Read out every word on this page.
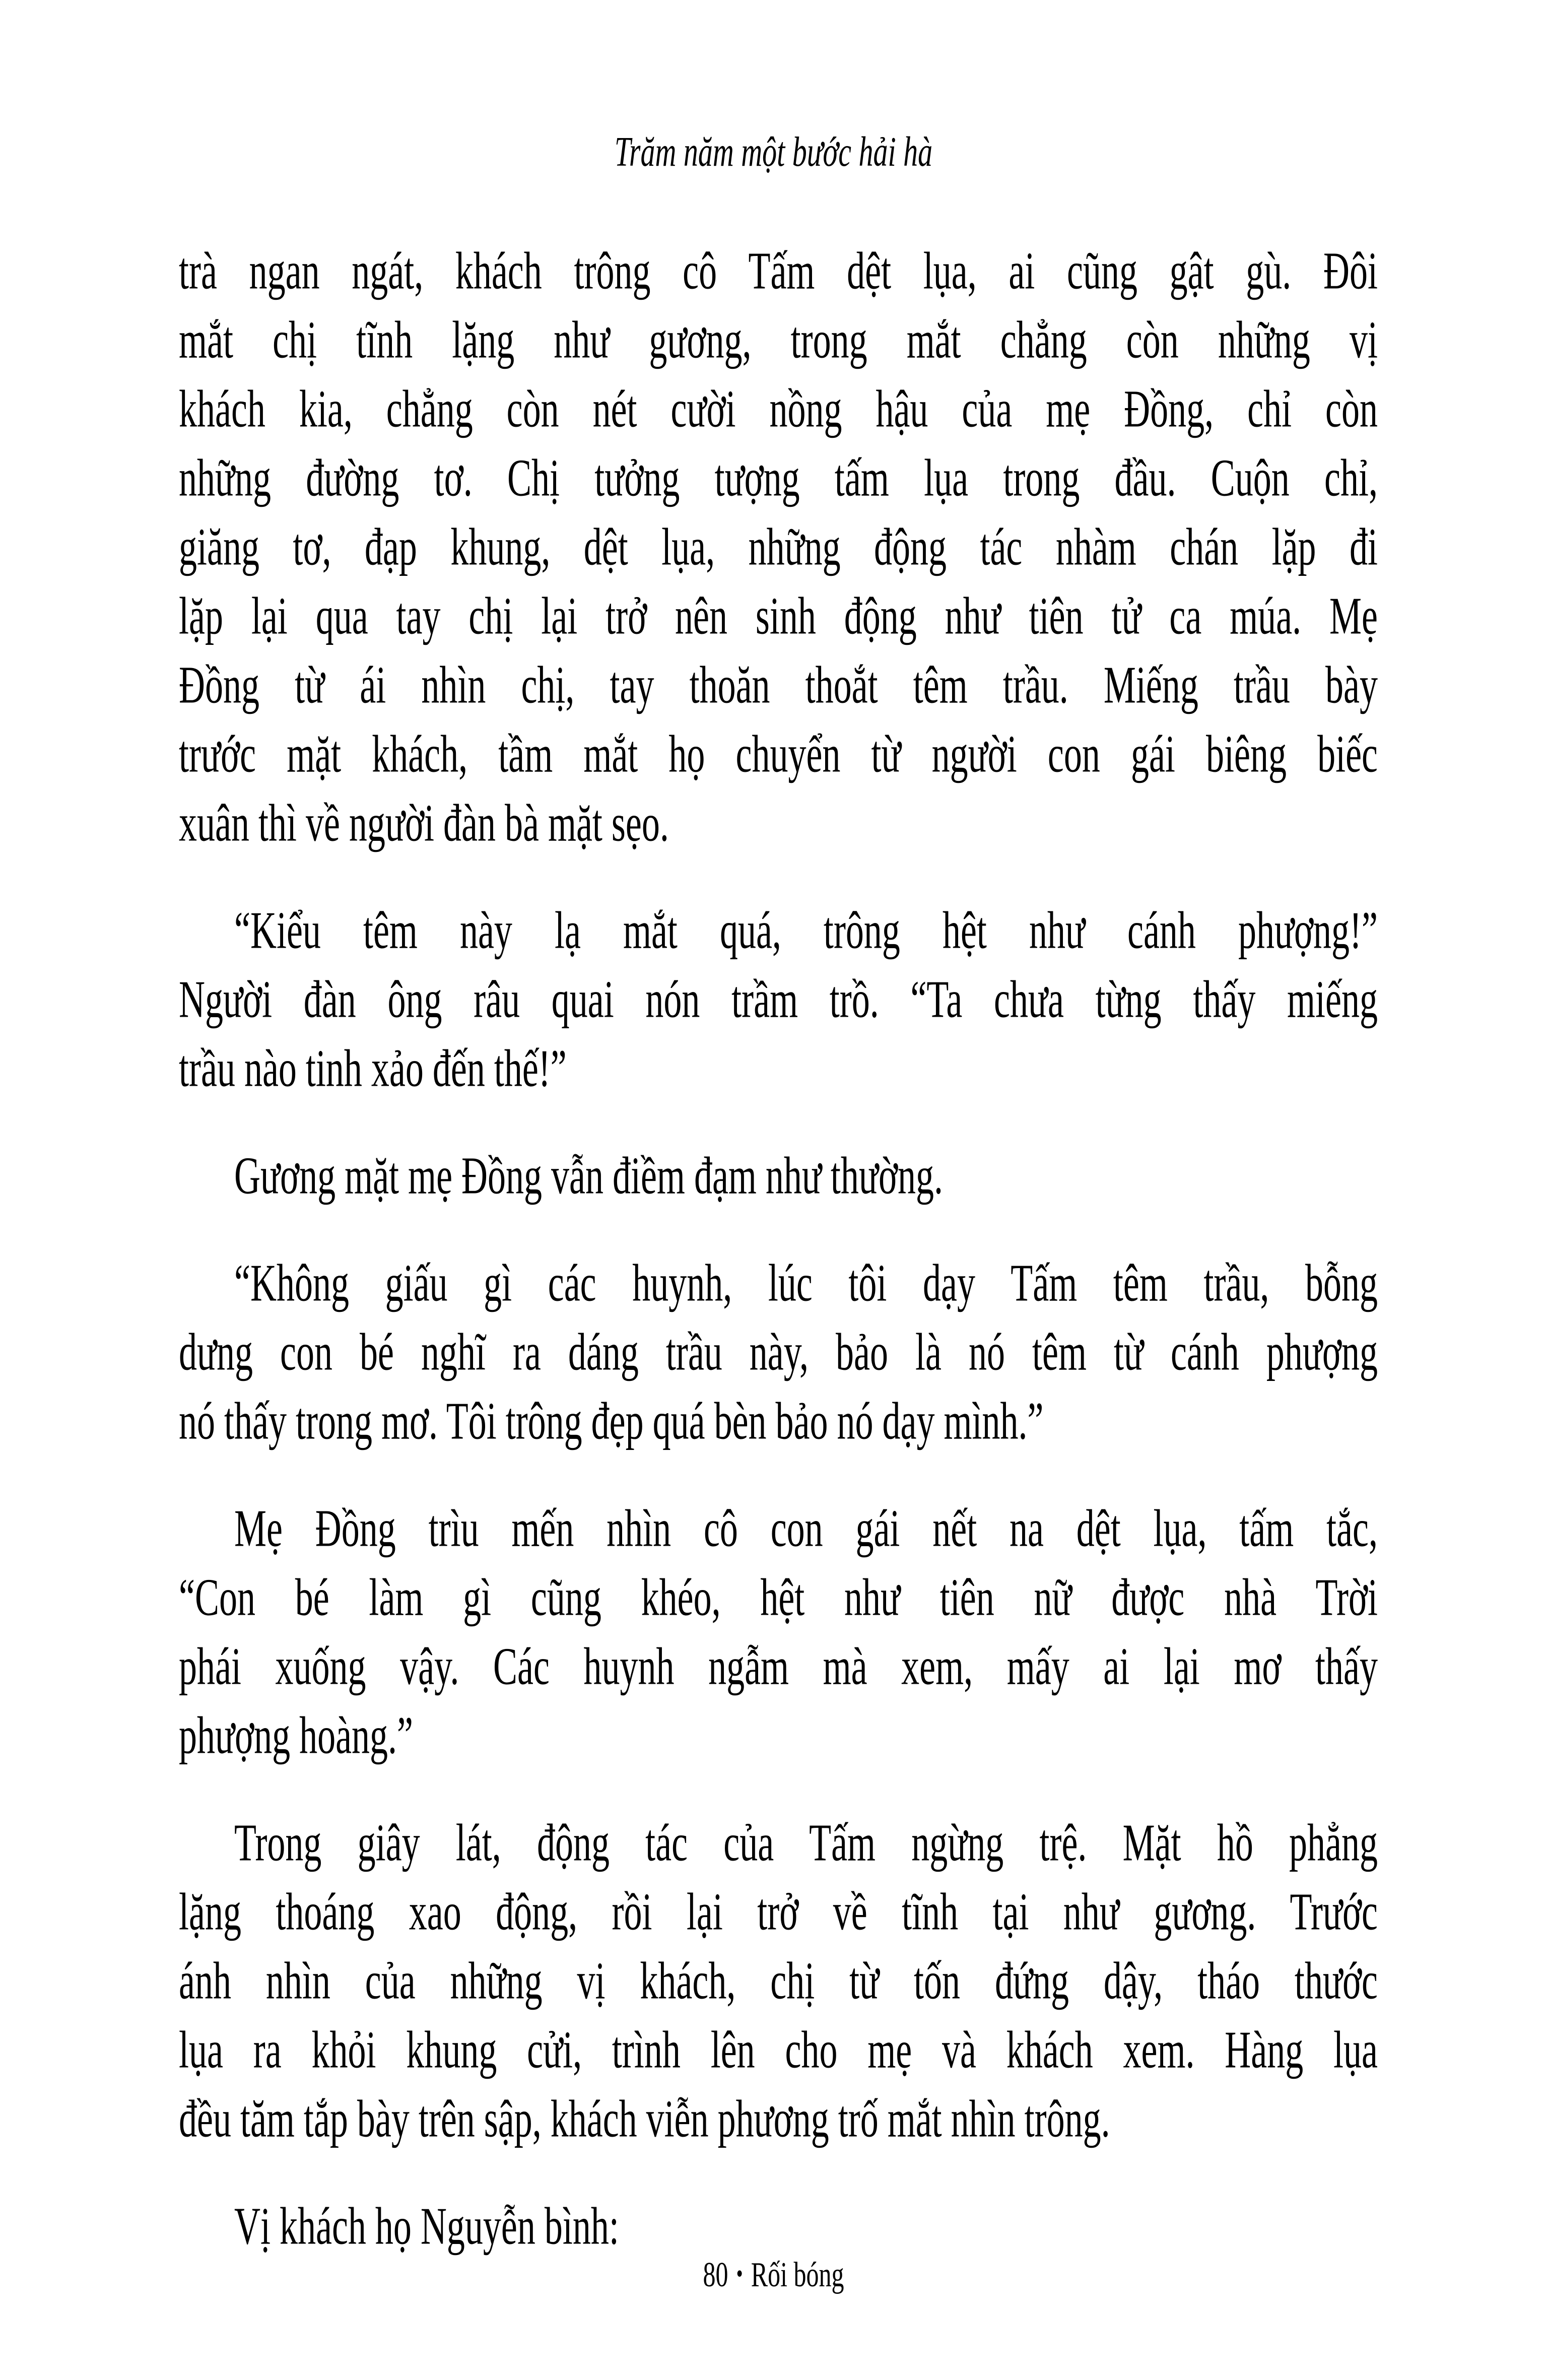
Trăm năm một bước hải hà

trà ngan ngát, khách trông cô Tấm dệt lụa, ai cũng gật gù. Đôi
mắt chị tĩnh lặng như gương, trong mắt chẳng còn những vị
khách kia, chẳng còn nét cười nồng hậu của mẹ Đồng, chỉ còn
những đường tơ. Chị tưởng tượng tấm lụa trong đầu. Cuộn chỉ,
giăng tơ, đạp khung, dệt lụa, những động tác nhàm chán lặp đi
lặp lại qua tay chị lại trở nên sinh động như tiên tử ca múa. Mẹ
Đồng từ ái nhìn chị, tay thoăn thoắt têm trầu. Miếng trầu bày
trước mặt khách, tầm mắt họ chuyển từ người con gái biêng biếc
xuân thì về người đàn bà mặt sẹo.

“Kiểu têm này lạ mắt quá, trông hệt như cánh phượng!”
Người đàn ông râu quai nón trầm trồ. “Ta chưa từng thấy miếng
trầu nào tinh xảo đến thế!”

Gương mặt mẹ Đồng vẫn điềm đạm như thường.

“Không giấu gì các huynh, lúc tôi dạy Tấm têm trầu, bỗng
dưng con bé nghĩ ra dáng trầu này, bảo là nó têm từ cánh phượng
nó thấy trong mơ. Tôi trông đẹp quá bèn bảo nó dạy mình.”

Mẹ Đồng trìu mến nhìn cô con gái nết na dệt lụa, tấm tắc,
“Con bé làm gì cũng khéo, hệt như tiên nữ được nhà Trời
phái xuống vậy. Các huynh ngẫm mà xem, mấy ai lại mơ thấy
phượng hoàng.”

Trong giây lát, động tác của Tấm ngừng trệ. Mặt hồ phẳng
lặng thoáng xao động, rồi lại trở về tĩnh tại như gương. Trước
ánh nhìn của những vị khách, chị từ tốn đứng dậy, tháo thước
lụa ra khỏi khung cửi, trình lên cho mẹ và khách xem. Hàng lụa
đều tăm tắp bày trên sập, khách viễn phương trố mắt nhìn trông.

Vị khách họ Nguyễn bình:

80 • Rối bóng
